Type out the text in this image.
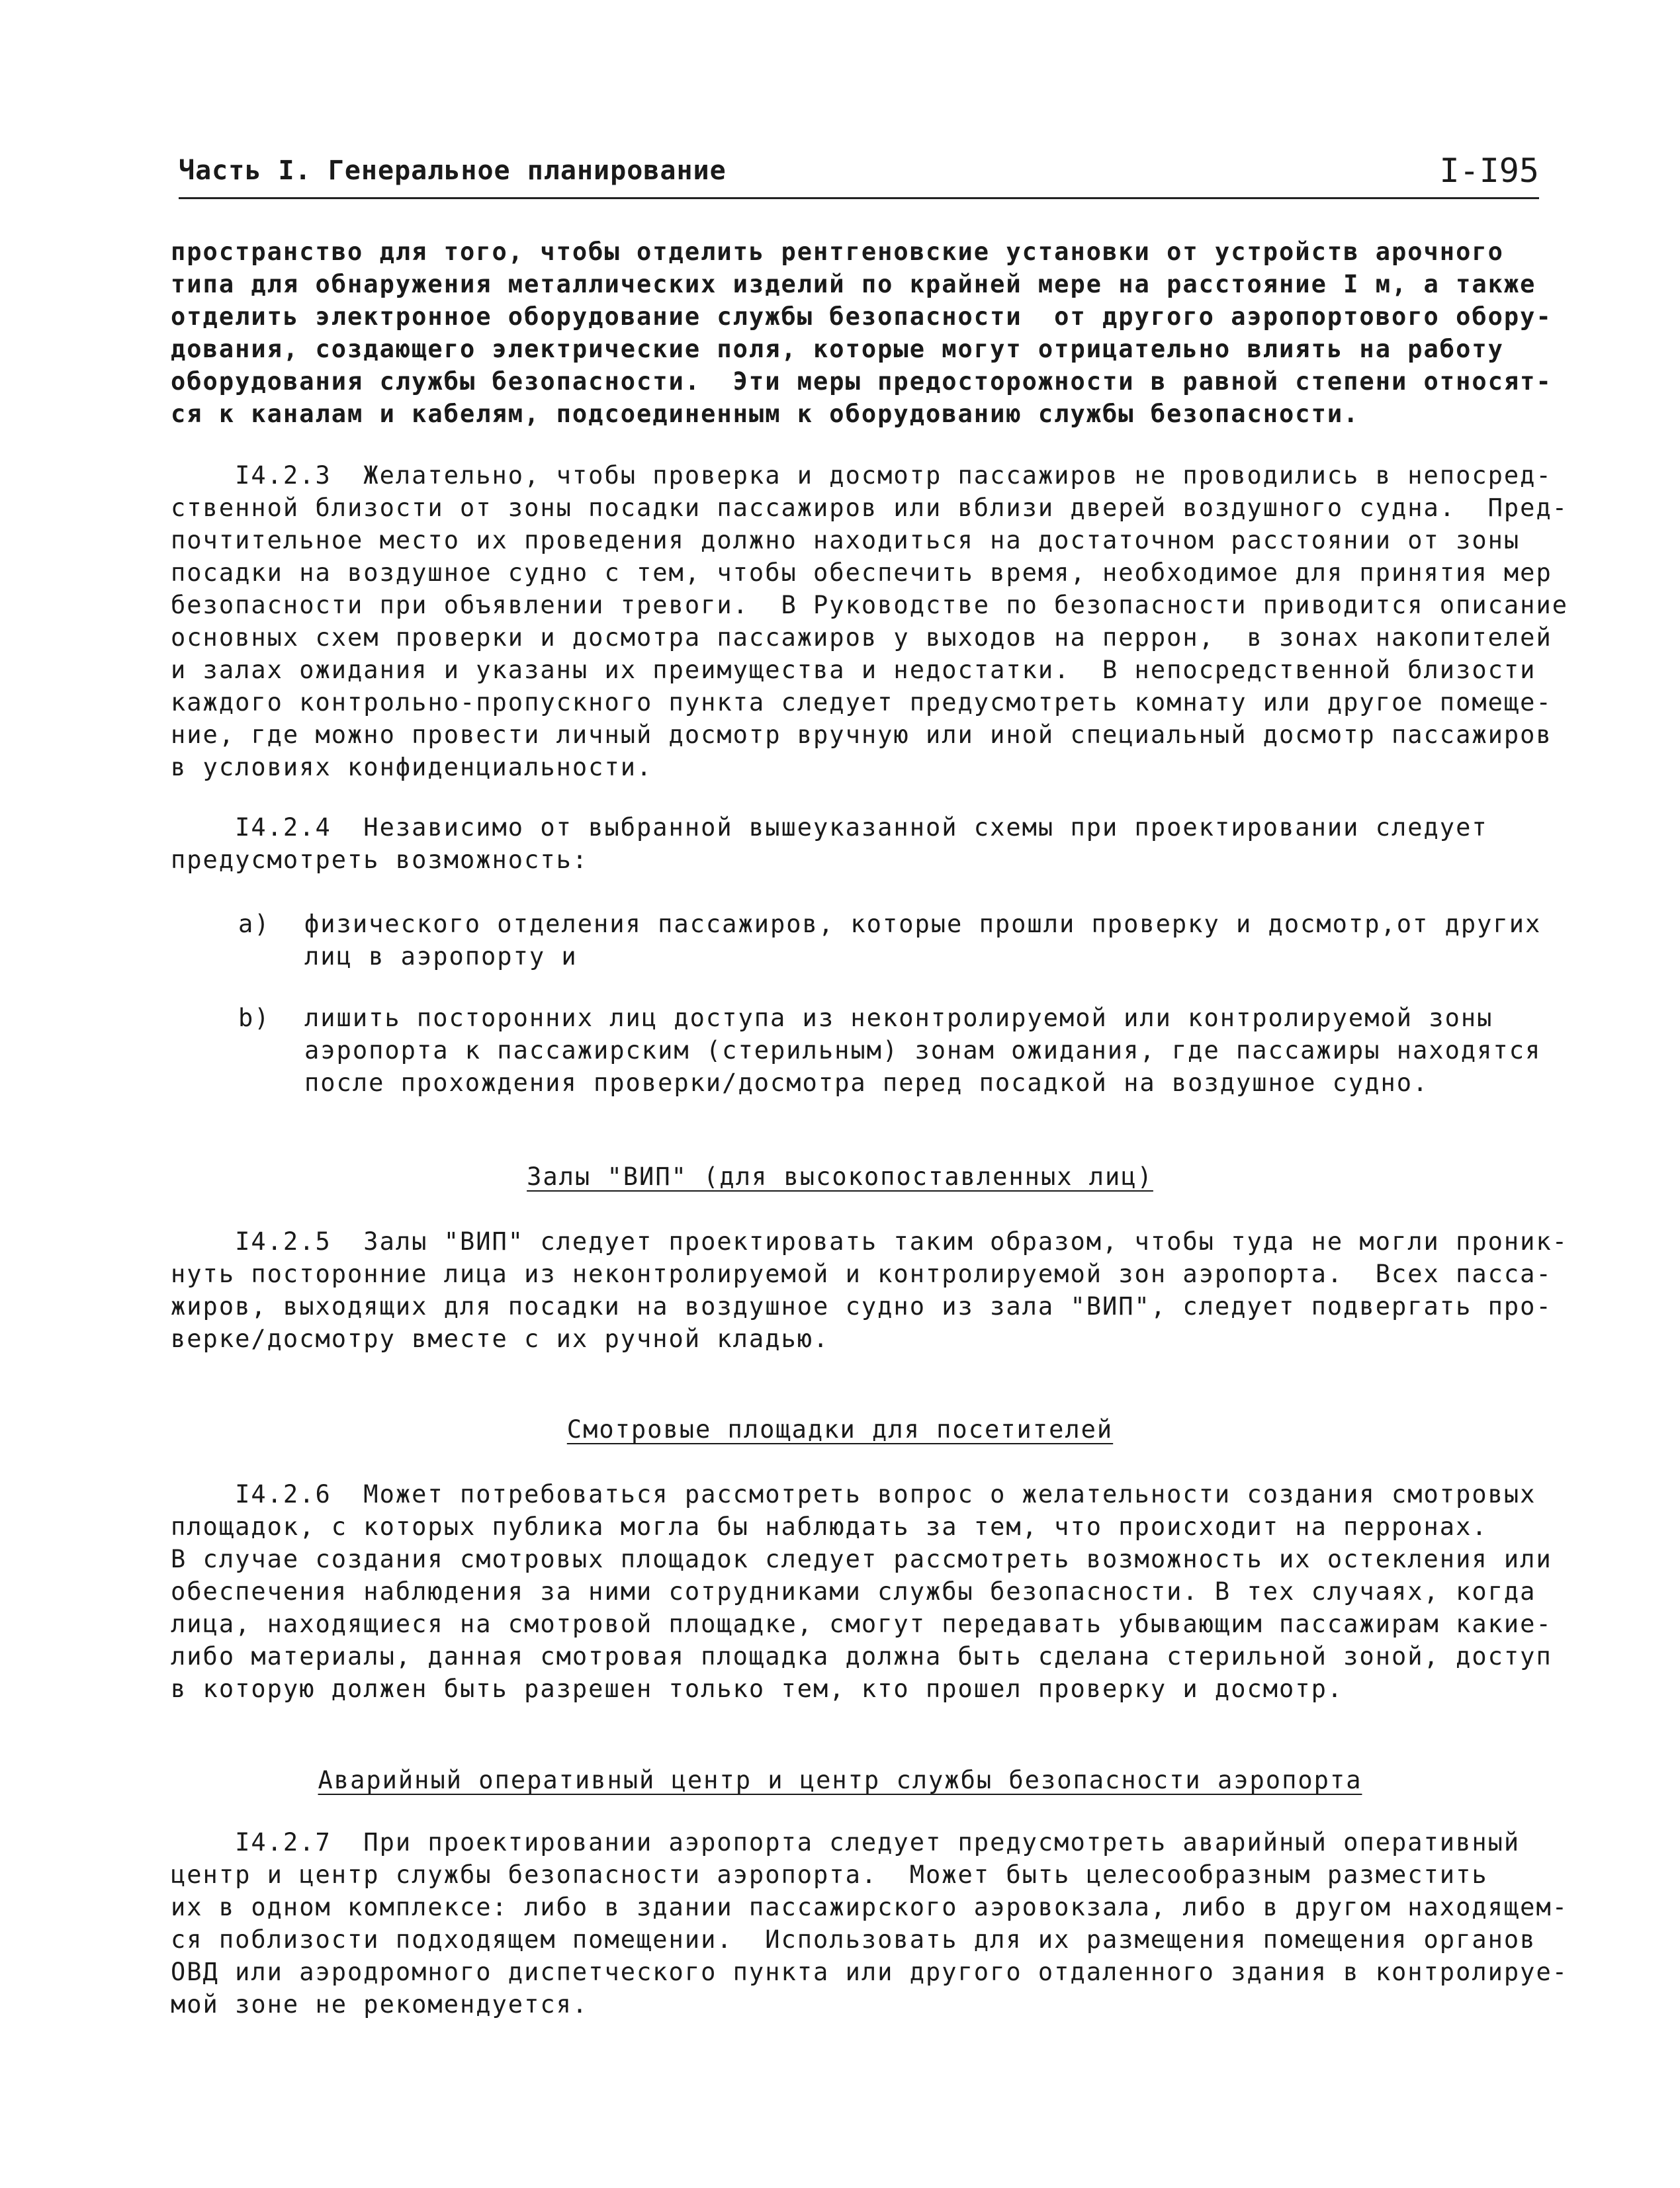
Часть I. Генеральное планирование	I-I95

пространство для того, чтобы отделить рентгеновские установки от устройств арочного
типа для обнаружения металлических изделий по крайней мере на расстояние I м, а также
отделить электронное оборудование службы безопасности  от другого аэропортового обору-
дования, создающего электрические поля, которые могут отрицательно влиять на работу
оборудования службы безопасности.  Эти меры предосторожности в равной степени относят-
ся к каналам и кабелям, подсоединенным к оборудованию службы безопасности.

I4.2.3  Желательно, чтобы проверка и досмотр пассажиров не проводились в непосред-
ственной близости от зоны посадки пассажиров или вблизи дверей воздушного судна.  Пред-
почтительное место их проведения должно находиться на достаточном расстоянии от зоны
посадки на воздушное судно с тем, чтобы обеспечить время, необходимое для принятия мер
безопасности при объявлении тревоги.  В Руководстве по безопасности приводится описание
основных схем проверки и досмотра пассажиров у выходов на перрон,  в зонах накопителей
и залах ожидания и указаны их преимущества и недостатки.  В непосредственной близости
каждого контрольно-пропускного пункта следует предусмотреть комнату или другое помеще-
ние, где можно провести личный досмотр вручную или иной специальный досмотр пассажиров
в условиях конфиденциальности.

I4.2.4  Независимо от выбранной вышеуказанной схемы при проектировании следует
предусмотреть возможность:

a) физического отделения пассажиров, которые прошли проверку и досмотр,от других
лиц в аэропорту и
b) лишить посторонних лиц доступа из неконтролируемой или контролируемой зоны
аэропорта к пассажирским (стерильным) зонам ожидания, где пассажиры находятся
после прохождения проверки/досмотра перед посадкой на воздушное судно.
Залы "ВИП" (для высокопоставленных лиц)

I4.2.5  Залы "ВИП" следует проектировать таким образом, чтобы туда не могли проник-
нуть посторонние лица из неконтролируемой и контролируемой зон аэропорта.  Всех пасса-
жиров, выходящих для посадки на воздушное судно из зала "ВИП", следует подвергать про-
верке/досмотру вместе с их ручной кладью.

Смотровые площадки для посетителей

I4.2.6  Может потребоваться рассмотреть вопрос о желательности создания смотровых
площадок, с которых публика могла бы наблюдать за тем, что происходит на перронах.
В случае создания смотровых площадок следует рассмотреть возможность их остекления или
обеспечения наблюдения за ними сотрудниками службы безопасности. В тех случаях, когда
лица, находящиеся на смотровой площадке, смогут передавать убывающим пассажирам какие-
либо материалы, данная смотровая площадка должна быть сделана стерильной зоной, доступ
в которую должен быть разрешен только тем, кто прошел проверку и досмотр.

Аварийный оперативный центр и центр службы безопасности аэропорта

I4.2.7  При проектировании аэропорта следует предусмотреть аварийный оперативный
центр и центр службы безопасности аэропорта.  Может быть целесообразным разместить
их в одном комплексе: либо в здании пассажирского аэровокзала, либо в другом находящем-
ся поблизости подходящем помещении.  Использовать для их размещения помещения органов
ОВД или аэродромного диспетческого пункта или другого отдаленного здания в контролируе-
мой зоне не рекомендуется.
